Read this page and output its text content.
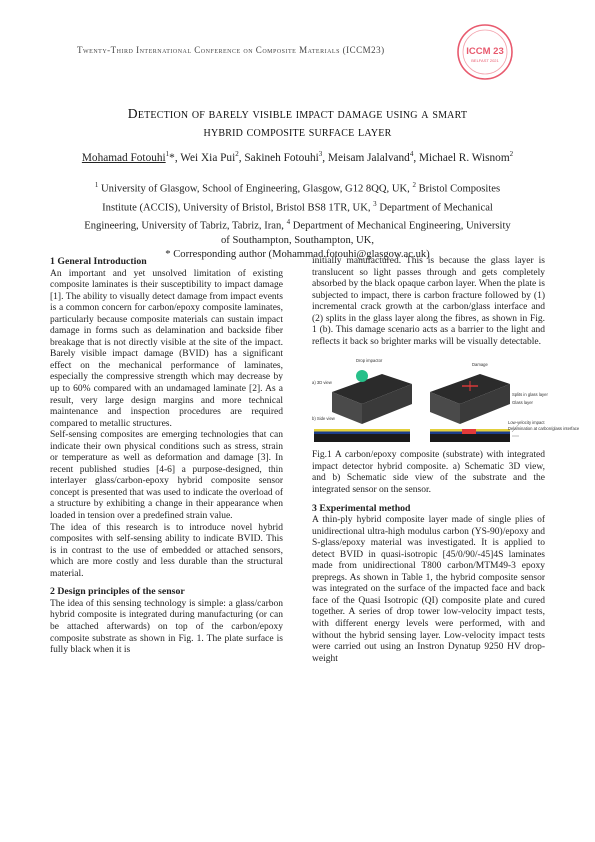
Twenty-Third International Conference on Composite Materials (ICCM23)	ICCM 23
BELFAST 2021
Detection of barely visible impact damage using a smart
hybrid composite surface layer
Mohamad Fotouhi$^1$*, Wei Xia Pui$^2$, Sakineh Fotouhi$^3$, Meisam Jalalvand$^4$, Michael R. Wisnom$^2$
$^1$ University of Glasgow, School of Engineering, Glasgow, G12 8QQ, UK, $^2$ Bristol Composites
Institute (ACCIS), University of Bristol, Bristol BS8 1TR, UK, $^3$ Department of Mechanical
Engineering, University of Tabriz, Tabriz, Iran, $^4$ Department of Mechanical Engineering, University
of Southampton, Southampton, UK,
* Corresponding author (Mohammad.fotouhi@glasgow.ac.uk)
1 General Introduction

An important and yet unsolved limitation of existing composite laminates is their susceptibility to impact damage [1]. The ability to visually detect damage from impact events is a common concern for carbon/epoxy composite laminates, particularly because composite materials can sustain impact damage in forms such as delamination and backside fiber breakage that is not directly visible at the site of the impact. Barely visible impact damage (BVID) has a significant effect on the mechanical performance of laminates, especially the compressive strength which may decrease by up to 60% compared with an undamaged laminate [2]. As a result, very large design margins and more technical maintenance and inspection procedures are required compared to metallic structures.

Self-sensing composites are emerging technologies that can indicate their own physical conditions such as stress, strain or temperature as well as deformation and damage [3]. In recent published studies [4-6] a purpose-designed, thin interlayer glass/carbon-epoxy hybrid composite sensor concept is presented that was used to indicate the overload of a structure by exhibiting a change in their appearance when loaded in tension over a predefined strain value.

The idea of this research is to introduce novel hybrid composites with self-sensing ability to indicate BVID. This is in contrast to the use of embedded or attached sensors, which are more costly and less durable than the structural material.

2 Design principles of the sensor

The idea of this sensing technology is simple: a glass/carbon hybrid composite is integrated during manufacturing (or can be attached afterwards) on top of the carbon/epoxy composite substrate as shown in Fig. 1. The plate surface is fully black when it is

initially manufactured. This is because the glass layer is translucent so light passes through and gets completely absorbed by the black opaque carbon layer. When the plate is subjected to impact, there is carbon fracture followed by (1) incremental crack growth at the carbon/glass interface and (2) splits in the glass layer along the fibres, as shown in Fig. 1 (b). This damage scenario acts as a barrier to the light and reflects it back so brighter marks will be visually detectable.

Drop impactor
a) 3D view
b) Side view
Damage
Splits in glass layer
Glass layer
Low-velocity impact
Delamination at carbon/glass interface

Fig.1 A carbon/epoxy composite (substrate) with integrated impact detector hybrid composite. a) Schematic 3D view, and b) Schematic side view of the substrate and the integrated sensor on the sensor.

3 Experimental method

A thin-ply hybrid composite layer made of single plies of unidirectional ultra-high modulus carbon (YS-90)/epoxy and S-glass/epoxy material was investigated. It is applied to detect BVID in quasi-isotropic [45/0/90/-45]4S laminates made from unidirectional T800 carbon/MTM49-3 epoxy prepregs. As shown in Table 1, the hybrid composite sensor was integrated on the surface of the impacted face and back face of the Quasi Isotropic (QI) composite plate and cured together. A series of drop tower low-velocity impact tests, with different energy levels were performed, with and without the hybrid sensing layer. Low-velocity impact tests were carried out using an Instron Dynatup 9250 HV drop-weight
